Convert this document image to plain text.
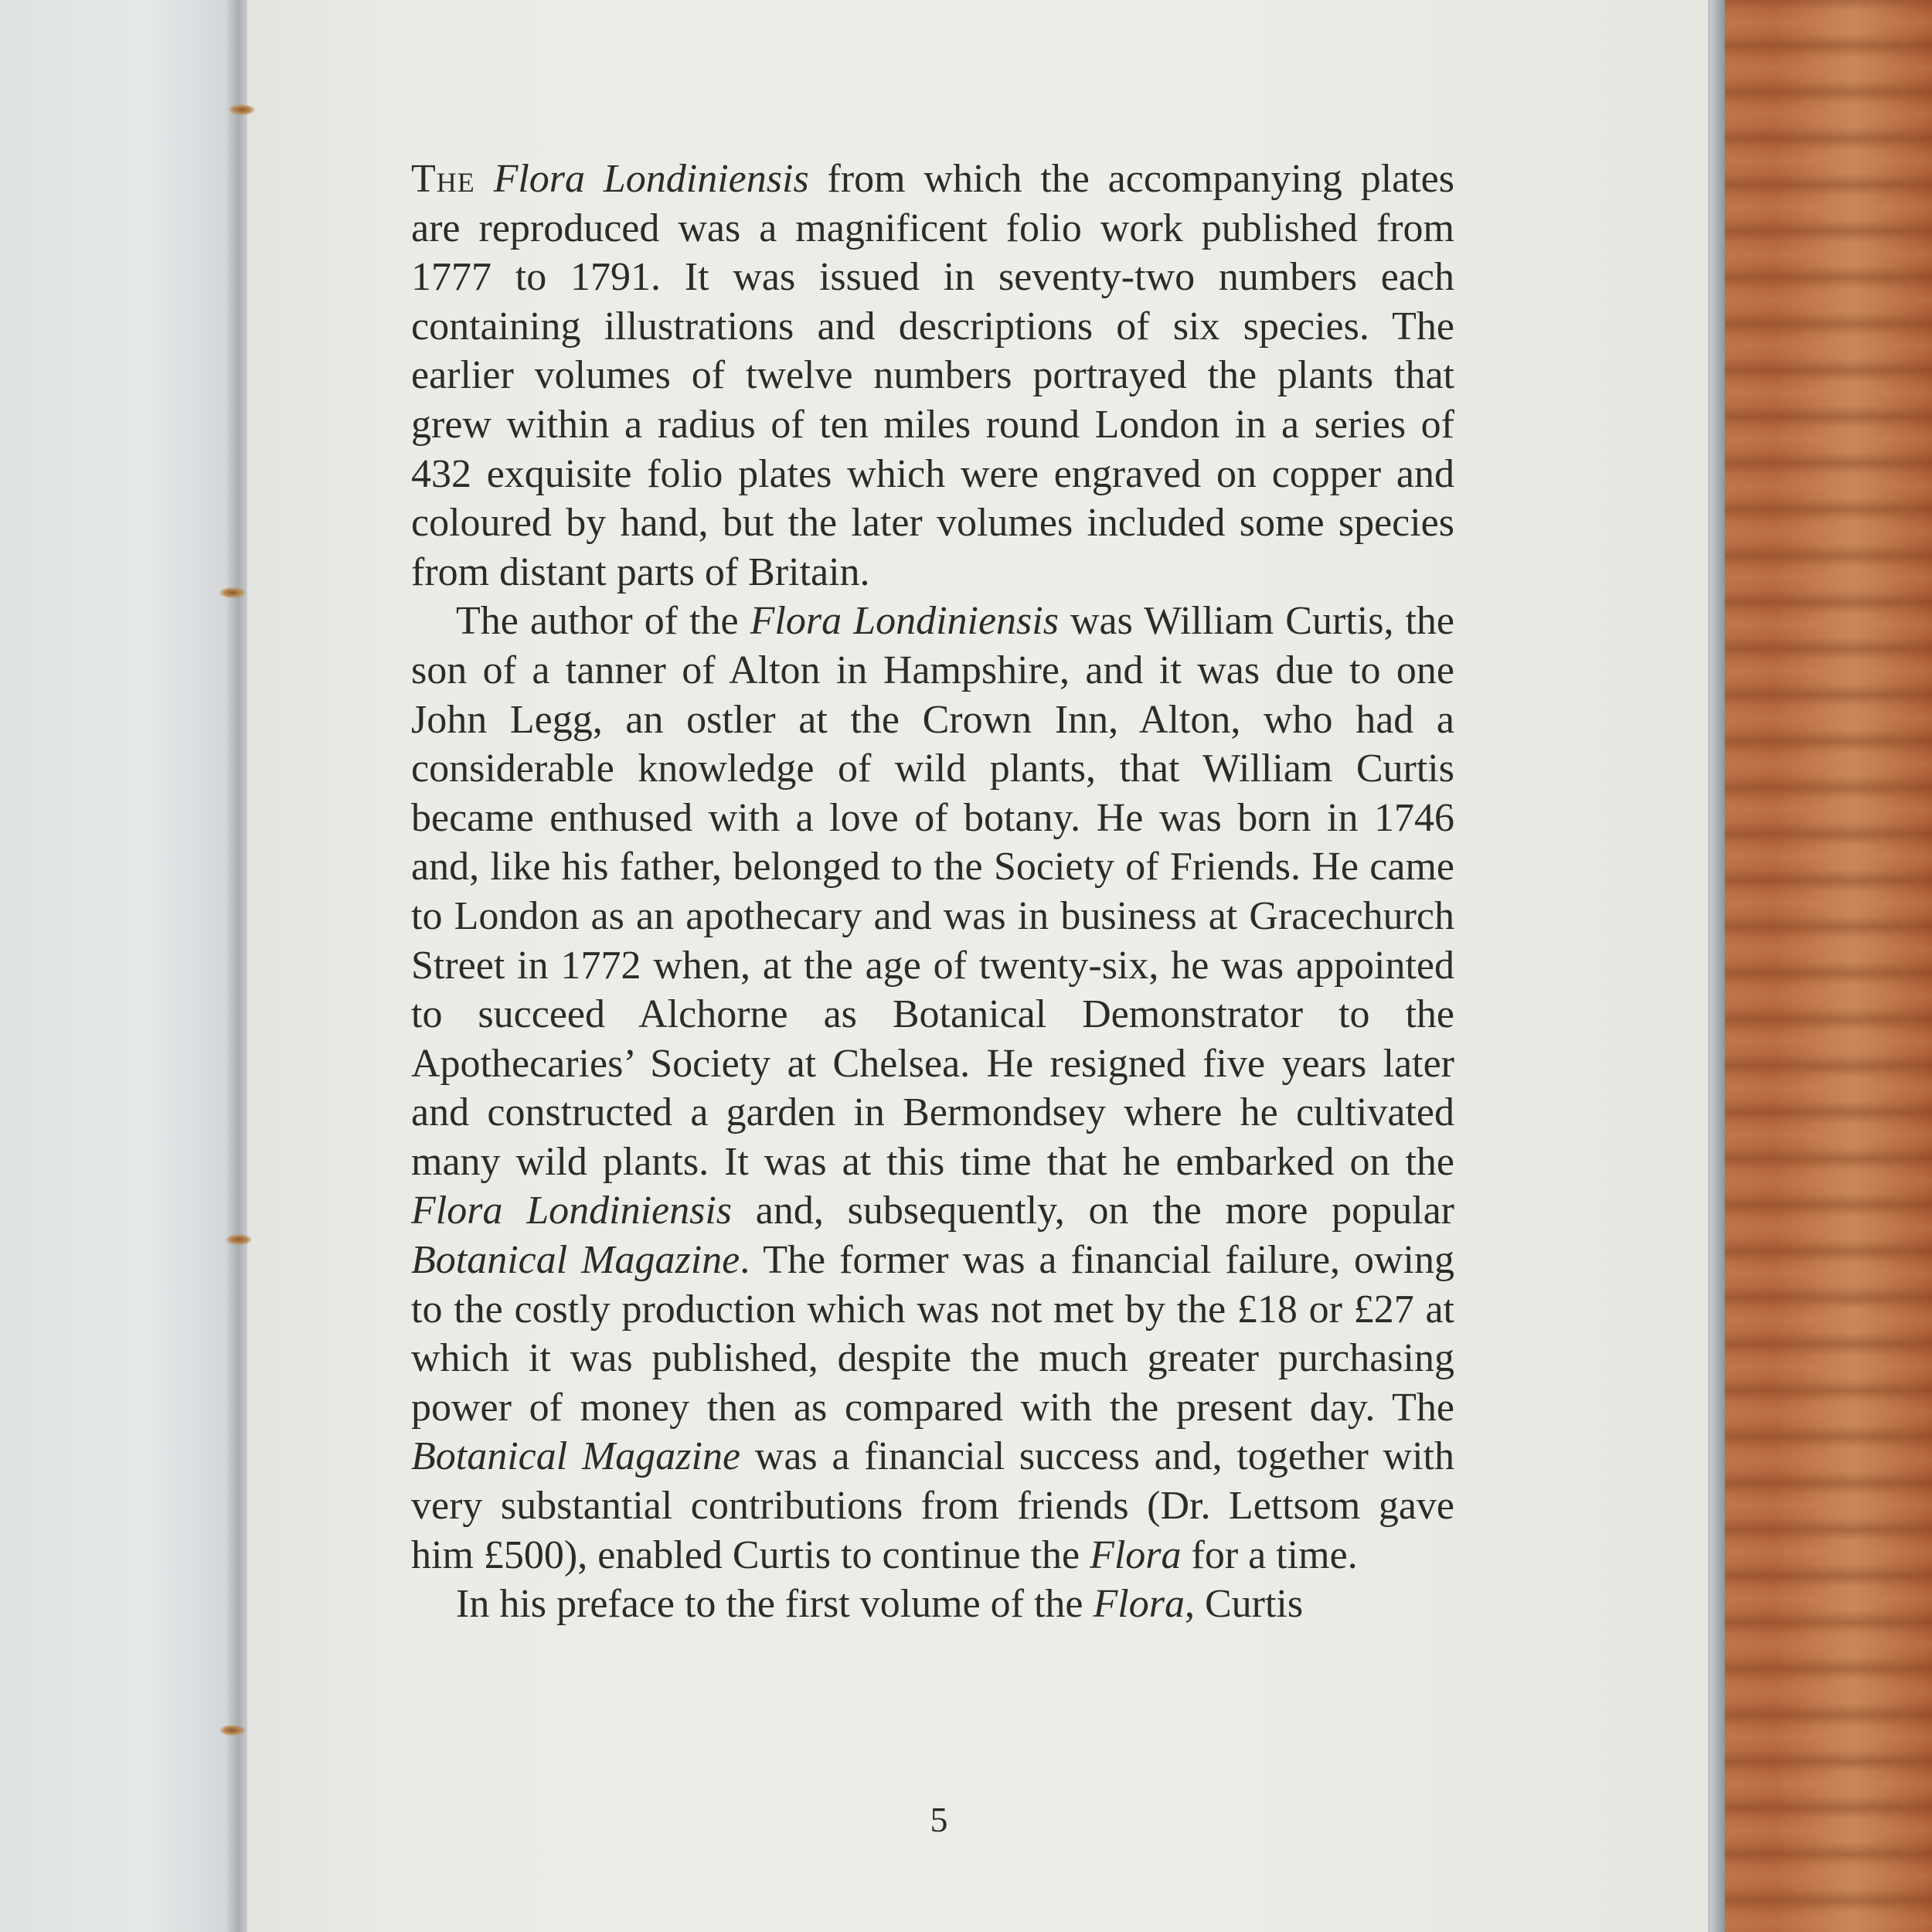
The Flora Londiniensis from which the accompanying plates are reproduced was a magnificent folio work published from 1777 to 1791. It was issued in seventy-two numbers each containing illustrations and descriptions of six species. The earlier volumes of twelve numbers portrayed the plants that grew within a radius of ten miles round London in a series of 432 exquisite folio plates which were engraved on copper and coloured by hand, but the later volumes included some species from distant parts of Britain.

The author of the Flora Londiniensis was William Curtis, the son of a tanner of Alton in Hampshire, and it was due to one John Legg, an ostler at the Crown Inn, Alton, who had a considerable knowledge of wild plants, that William Curtis became enthused with a love of botany. He was born in 1746 and, like his father, belonged to the Society of Friends. He came to London as an apothecary and was in business at Gracechurch Street in 1772 when, at the age of twenty-six, he was appointed to succeed Alchorne as Botanical Demonstrator to the Apothecaries’ Society at Chelsea. He resigned five years later and constructed a garden in Bermondsey where he cultivated many wild plants. It was at this time that he embarked on the Flora Londiniensis and, subsequently, on the more popular Botanical Magazine. The former was a financial failure, owing to the costly production which was not met by the £18 or £27 at which it was published, despite the much greater purchasing power of money then as compared with the present day. The Botanical Magazine was a financial success and, together with very substantial contributions from friends (Dr. Lettsom gave him £500), enabled Curtis to continue the Flora for a time.

In his preface to the first volume of the Flora, Curtis

5
